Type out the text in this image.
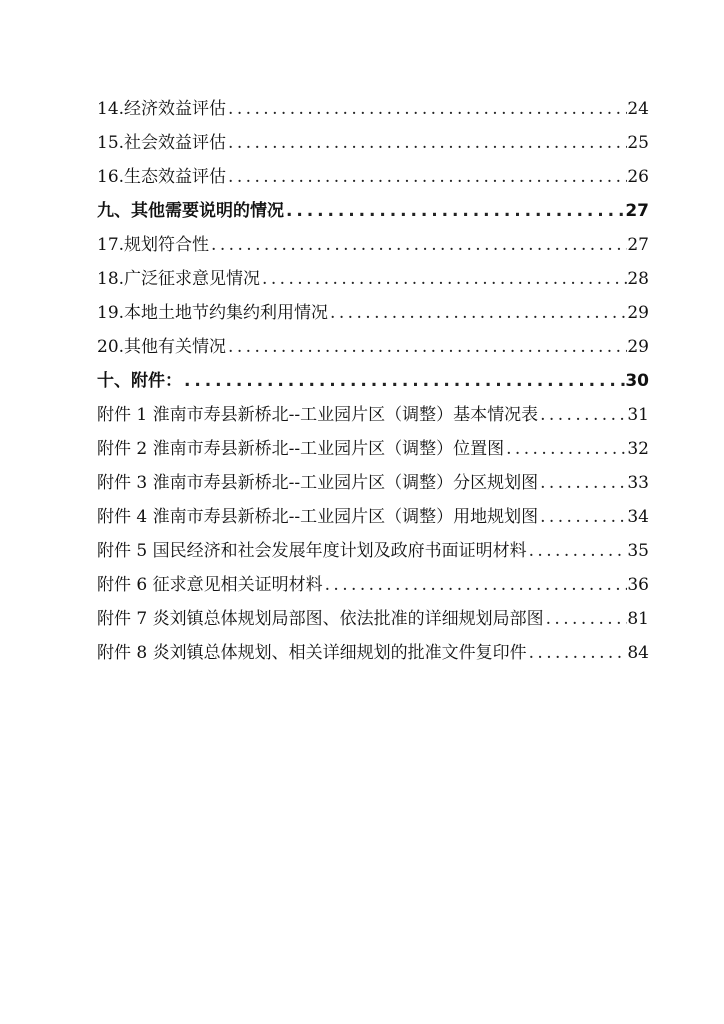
14.经济效益评估 . . .	24
15.社会效益评估 . . .	25
16.生态效益评估 . . .	26
九、其他需要说明的情况 . . .	27
17.规划符合性 . . .	27
18.广泛征求意见情况 . . .	28
19.本地土地节约集约利用情况 . . .	29
20.其他有关情况 . . .	29
十、附件： . . .	30
附件 1 淮南市寿县新桥北--工业园片区（调整）基本情况表 . . .	31
附件 2 淮南市寿县新桥北--工业园片区（调整）位置图 . . .	32
附件 3 淮南市寿县新桥北--工业园片区（调整）分区规划图 . . .	33
附件 4 淮南市寿县新桥北--工业园片区（调整）用地规划图 . . .	34
附件 5 国民经济和社会发展年度计划及政府书面证明材料 . . .	35
附件 6 征求意见相关证明材料 . . .	36
附件 7 炎刘镇总体规划局部图、依法批准的详细规划局部图 . . .	81
附件 8 炎刘镇总体规划、相关详细规划的批准文件复印件 . . .	84
